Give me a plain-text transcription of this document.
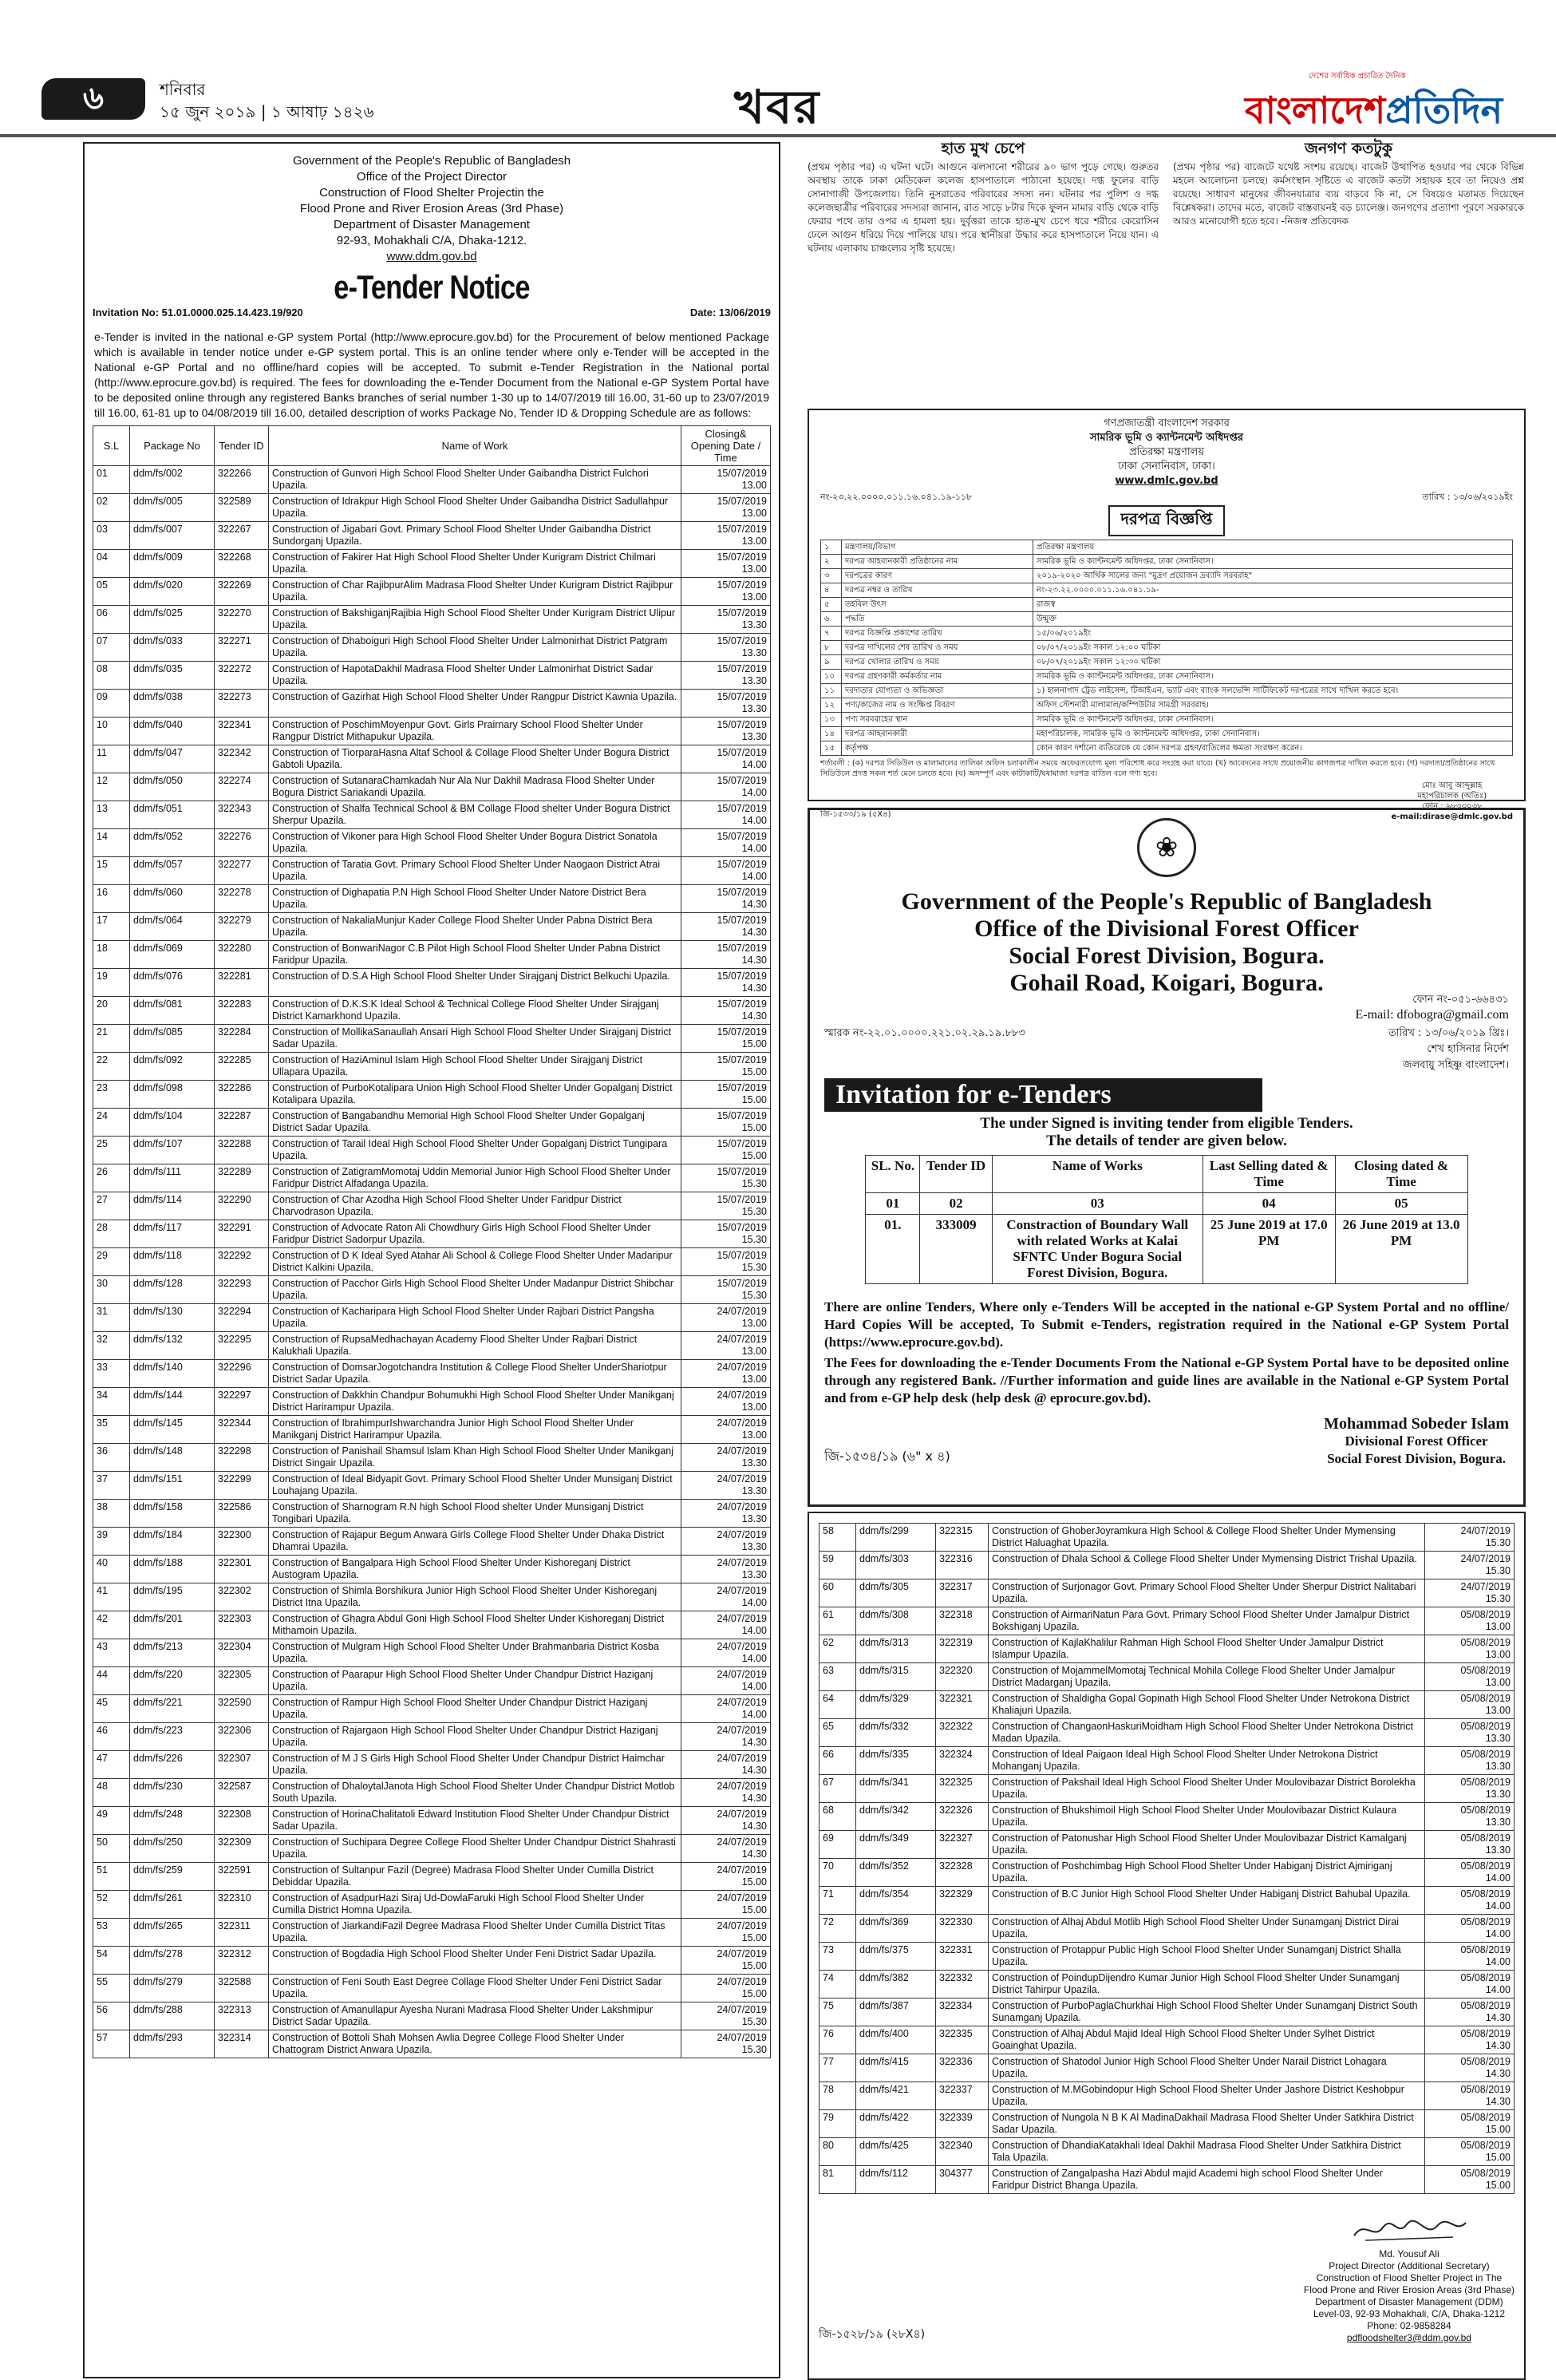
৬	শনিবার
১৫ জুন ২০১৯ | ১ আষাঢ় ১৪২৬	খবর
দেশের সর্বাধিক প্রচারিত দৈনিক
বাংলাদেশপ্রতিদিন
Government of the People's Republic of Bangladesh
Office of the Project Director
Construction of Flood Shelter Projectin the
Flood Prone and River Erosion Areas (3rd Phase)
Department of Disaster Management
92-93, Mohakhali C/A, Dhaka-1212.
www.ddm.gov.bd
e-Tender Notice
Invitation No: 51.01.0000.025.14.423.19/920	Date: 13/06/2019
e-Tender is invited in the national e-GP system Portal (http://www.eprocure.gov.bd) for the Procurement of below mentioned Package which is available in tender notice under e-GP system portal. This is an online tender where only e-Tender will be accepted in the National e-GP Portal and no offline/hard copies will be accepted. To submit e-Tender Registration in the National portal (http://www.eprocure.gov.bd) is required. The fees for downloading the e-Tender Document from the National e-GP System Portal have to be deposited online through any registered Banks branches of serial number 1-30 up to 14/07/2019 till 16.00, 31-60 up to 23/07/2019 till 16.00, 61-81 up to 04/08/2019 till 16.00, detailed description of works Package No, Tender ID & Dropping Schedule are as follows:
S.L	Package No	Tender ID	Name of Work	Closing& Opening Date / Time
01	ddm/fs/002	322266	Construction of Gunvori High School Flood Shelter Under Gaibandha District Fulchori Upazila.	15/07/2019
13.00

02	ddm/fs/005	322589	Construction of Idrakpur High School Flood Shelter Under Gaibandha District Sadullahpur Upazila.	15/07/2019
13.00

03	ddm/fs/007	322267	Construction of Jigabari Govt. Primary School Flood Shelter Under Gaibandha District Sundorganj Upazila.	15/07/2019
13.00

04	ddm/fs/009	322268	Construction of Fakirer Hat High School Flood Shelter Under Kurigram District Chilmari Upazila.	15/07/2019
13.00

05	ddm/fs/020	322269	Construction of Char RajibpurAlim Madrasa Flood Shelter Under Kurigram District Rajibpur Upazila.	15/07/2019
13.00

06	ddm/fs/025	322270	Construction of BakshiganjRajibia High School Flood Shelter Under Kurigram District Ulipur Upazila.	15/07/2019
13.30

07	ddm/fs/033	322271	Construction of Dhaboiguri High School Flood Shelter Under Lalmonirhat District Patgram Upazila.	15/07/2019
13.30

08	ddm/fs/035	322272	Construction of HapotaDakhil Madrasa Flood Shelter Under Lalmonirhat District Sadar Upazila.	15/07/2019
13.30

09	ddm/fs/038	322273	Construction of Gazirhat High School Flood Shelter Under Rangpur District Kawnia Upazila.	15/07/2019
13.30

10	ddm/fs/040	322341	Construction of PoschimMoyenpur Govt. Girls Prairnary School Flood Shelter Under Rangpur District Mithapukur Upazila.	15/07/2019
13.30

11	ddm/fs/047	322342	Construction of TiorparaHasna Altaf School & Collage Flood Shelter Under Bogura District Gabtoli Upazila.	15/07/2019
14.00

12	ddm/fs/050	322274	Construction of SutanaraChamkadah Nur Ala Nur Dakhil Madrasa Flood Shelter Under Bogura District Sariakandi Upazila.	15/07/2019
14.00

13	ddm/fs/051	322343	Construction of Shalfa Technical School & BM Collage Flood shelter Under Bogura District Sherpur Upazila.	15/07/2019
14.00

14	ddm/fs/052	322276	Construction of Vikoner para High School Flood Shelter Under Bogura District Sonatola Upazila.	15/07/2019
14.00

15	ddm/fs/057	322277	Construction of Taratia Govt. Primary School Flood Shelter Under Naogaon District Atrai Upazila.	15/07/2019
14.00

16	ddm/fs/060	322278	Construction of Dighapatia P.N High School Flood Shelter Under Natore District Bera Upazila.	15/07/2019
14.30

17	ddm/fs/064	322279	Construction of NakaliaMunjur Kader College Flood Shelter Under Pabna District Bera Upazila.	15/07/2019
14.30

18	ddm/fs/069	322280	Construction of BonwariNagor C.B Pilot High School Flood Shelter Under Pabna District Faridpur Upazila.	15/07/2019
14.30

19	ddm/fs/076	322281	Construction of D.S.A High School Flood Shelter Under Sirajganj District Belkuchi Upazila.	15/07/2019
14.30

20	ddm/fs/081	322283	Construction of D.K.S.K Ideal School & Technical College Flood Shelter Under Sirajganj District Kamarkhond Upazila.	15/07/2019
14.30

21	ddm/fs/085	322284	Construction of MollikaSanaullah Ansari High School Flood Shelter Under Sirajganj District Sadar Upazila.	15/07/2019
15.00

22	ddm/fs/092	322285	Construction of HaziAminul Islam High School Flood Shelter Under Sirajganj District Ullapara Upazila.	15/07/2019
15.00

23	ddm/fs/098	322286	Construction of PurboKotalipara Union High School Flood Shelter Under Gopalganj District Kotalipara Upazila.	15/07/2019
15.00

24	ddm/fs/104	322287	Construction of Bangabandhu Memorial High School Flood Shelter Under Gopalganj District Sadar Upazila.	15/07/2019
15.00

25	ddm/fs/107	322288	Construction of Tarail Ideal High School Flood Shelter Under Gopalganj District Tungipara Upazila.	15/07/2019
15.00

26	ddm/fs/111	322289	Construction of ZatigramMomotaj Uddin Memorial Junior High School Flood Shelter Under Faridpur District Alfadanga Upazila.	15/07/2019
15.30

27	ddm/fs/114	322290	Construction of Char Azodha High School Flood Shelter Under Faridpur District Charvodrason Upazila.	15/07/2019
15.30

28	ddm/fs/117	322291	Construction of Advocate Raton Ali Chowdhury Girls High School Flood Shelter Under Faridpur District Sadorpur Upazila.	15/07/2019
15.30

29	ddm/fs/118	322292	Construction of D K Ideal Syed Atahar Ali School & College Flood Shelter Under Madaripur District Kalkini Upazila.	15/07/2019
15.30

30	ddm/fs/128	322293	Construction of Pacchor Girls High School Flood Shelter Under Madanpur District Shibchar Upazila.	15/07/2019
15.30

31	ddm/fs/130	322294	Construction of Kacharipara High School Flood Shelter Under Rajbari District Pangsha Upazila.	24/07/2019
13.00

32	ddm/fs/132	322295	Construction of RupsaMedhachayan Academy Flood Shelter Under Rajbari District Kalukhali Upazila.	24/07/2019
13.00

33	ddm/fs/140	322296	Construction of DomsarJogotchandra Institution & College Flood Shelter UnderShariotpur District Sadar Upazila.	24/07/2019
13.00

34	ddm/fs/144	322297	Construction of Dakkhin Chandpur Bohumukhi High School Flood Shelter Under Manikganj District Harirampur Upazila.	24/07/2019
13.00

35	ddm/fs/145	322344	Construction of IbrahimpurIshwarchandra Junior High School Flood Shelter Under Manikganj District Harirampur Upazila.	24/07/2019
13.00

36	ddm/fs/148	322298	Construction of Panishail Shamsul Islam Khan High School Flood Shelter Under Manikganj District Singair Upazila.	24/07/2019
13.30

37	ddm/fs/151	322299	Construction of Ideal Bidyapit Govt. Primary School Flood Shelter Under Munsiganj District Louhajang Upazila.	24/07/2019
13.30

38	ddm/fs/158	322586	Construction of Sharnogram R.N high School Flood shelter Under Munsiganj District Tongibari Upazila.	24/07/2019
13.30

39	ddm/fs/184	322300	Construction of Rajapur Begum Anwara Girls College Flood Shelter Under Dhaka District Dhamrai Upazila.	24/07/2019
13.30

40	ddm/fs/188	322301	Construction of Bangalpara High School Flood Shelter Under Kishoreganj District Austogram Upazila.	24/07/2019
13.30

41	ddm/fs/195	322302	Construction of Shimla Borshikura Junior High School Flood Shelter Under Kishoreganj District Itna Upazila.	24/07/2019
14.00

42	ddm/fs/201	322303	Construction of Ghagra Abdul Goni High School Flood Shelter Under Kishoreganj District Mithamoin Upazila.	24/07/2019
14.00

43	ddm/fs/213	322304	Construction of Mulgram High School Flood Shelter Under Brahmanbaria District Kosba Upazila.	24/07/2019
14.00

44	ddm/fs/220	322305	Construction of Paarapur High School Flood Shelter Under Chandpur District Haziganj Upazila.	24/07/2019
14.00

45	ddm/fs/221	322590	Construction of Rampur High School Flood Shelter Under Chandpur District Haziganj Upazila.	24/07/2019
14.00

46	ddm/fs/223	322306	Construction of Rajargaon High School Flood Shelter Under Chandpur District Haziganj Upazila.	24/07/2019
14.30

47	ddm/fs/226	322307	Construction of M J S Girls High School Flood Shelter Under Chandpur District Haimchar Upazila.	24/07/2019
14.30

48	ddm/fs/230	322587	Construction of DhaloytalJanota High School Flood Shelter Under Chandpur District Motlob South Upazila.	24/07/2019
14.30

49	ddm/fs/248	322308	Construction of HorinaChalitatoli Edward Institution Flood Shelter Under Chandpur District Sadar Upazila.	24/07/2019
14.30

50	ddm/fs/250	322309	Construction of Suchipara Degree College Flood Shelter Under Chandpur District Shahrasti Upazila.	24/07/2019
14.30

51	ddm/fs/259	322591	Construction of Sultanpur Fazil (Degree) Madrasa Flood Shelter Under Cumilla District Debiddar Upazila.	24/07/2019
15.00

52	ddm/fs/261	322310	Construction of AsadpurHazi Siraj Ud-DowlaFaruki High School Flood Shelter Under Cumilla District Homna Upazila.	24/07/2019
15.00

53	ddm/fs/265	322311	Construction of JiarkandiFazil Degree Madrasa Flood Shelter Under Cumilla District Titas Upazila.	24/07/2019
15.00

54	ddm/fs/278	322312	Construction of Bogdadia High School Flood Shelter Under Feni District Sadar Upazila.	24/07/2019
15.00

55	ddm/fs/279	322588	Construction of Feni South East Degree Collage Flood Shelter Under Feni District Sadar Upazila.	24/07/2019
15.00

56	ddm/fs/288	322313	Construction of Amanullapur Ayesha Nurani Madrasa Flood Shelter Under Lakshmipur District Sadar Upazila.	24/07/2019
15.30

57	ddm/fs/293	322314	Construction of Bottoli Shah Mohsen Awlia Degree College Flood Shelter Under Chattogram District Anwara Upazila.	24/07/2019
15.30
হাত মুখ চেপে
(প্রথম পৃষ্ঠার পর) এ ঘটনা ঘটে। আগুনে ঝলসানো শরীরের ৯০ ভাগ পুড়ে গেছে। গুরুতর অবস্থায় তাকে ঢাকা মেডিকেল কলেজ হাসপাতালে পাঠানো হয়েছে। দগ্ধ ফুলের বাড়ি সোনাগাজী উপজেলায়। তিনি নুসরাতের পরিবারের সদস্য নন। ঘটনার পর পুলিশ ও দগ্ধ কলেজছাত্রীর পরিবারের সদস্যরা জানান, রাত সাড়ে ৮টার দিকে ফুলন মামার বাড়ি থেকে বাড়ি ফেরার পথে তার ওপর এ হামলা হয়। দুর্বৃত্তরা তাকে হাত-মুখ চেপে ধরে শরীরে কেরোসিন ঢেলে আগুন ধরিয়ে দিয়ে পালিয়ে যায়। পরে স্থানীয়রা উদ্ধার করে হাসপাতালে নিয়ে যান। এ ঘটনায় এলাকায় চাঞ্চল্যের সৃষ্টি হয়েছে।
জনগণ কতটুকু
(প্রথম পৃষ্ঠার পর) বাজেটে যথেষ্ট সংশয় রয়েছে। বাজেট উত্থাপিত হওয়ার পর থেকে বিভিন্ন মহলে আলোচনা চলছে। কর্মসংস্থান সৃষ্টিতে এ বাজেট কতটা সহায়ক হবে তা নিয়েও প্রশ্ন রয়েছে। সাধারণ মানুষের জীবনযাত্রার ব্যয় বাড়বে কি না, সে বিষয়েও মতামত দিয়েছেন বিশ্লেষকরা। তাদের মতে, বাজেট বাস্তবায়নই বড় চ্যালেঞ্জ। জনগণের প্রত্যাশা পূরণে সরকারকে আরও মনোযোগী হতে হবে। -নিজস্ব প্রতিবেদক
গণপ্রজাতন্ত্রী বাংলাদেশ সরকার
সামরিক ভূমি ও ক্যান্টনমেন্ট অধিদপ্তর
প্রতিরক্ষা মন্ত্রণালয়
ঢাকা সেনানিবাস, ঢাকা।
www.dmlc.gov.bd
নং-২৩.২২.০০০০.০১১.১৬.০৪১.১৯-১১৮	তারিখ : ১৩/০৬/২০১৯ইং
দরপত্র বিজ্ঞপ্তি
১	মন্ত্রণালয়/বিভাগ	প্রতিরক্ষা মন্ত্রণালয়
২	দরপত্র আহবানকারী প্রতিষ্ঠানের নাম	সামরিক ভূমি ও ক্যান্টনমেন্ট অধিদপ্তর, ঢাকা সেনানিবাস।
৩	দরপত্রের কারণ	২০১৯-২০২০ আর্থিক সালের জন্য "মুদ্রণ প্রয়োজন দ্রব্যাদি সরবরাহ"
৪	দরপত্র নম্বর ও তারিখ	নং-২৩.২২.০০০০.০১১.১৬.০৪১.১৯-
৫	তহবিল উৎস	রাজস্ব
৬	পদ্ধতি	উন্মুক্ত
৭	দরপত্র বিজ্ঞপ্তি প্রকাশের তারিখ	১৫/০৬/২০১৯ইং
৮	দরপত্র দাখিলের শেষ তারিখ ও সময়	০৮/০৭/২০১৯ইং সকাল ১২:০০ ঘটিকা
৯	দরপত্র খোলার তারিখ ও সময়	০৮/০৭/২০১৯ইং সকাল ১২:৩০ ঘটিকা
১০	দরপত্র গ্রহণকারী কর্মকর্তার নাম	সামরিক ভূমি ও ক্যান্টনমেন্ট অধিদপ্তর, ঢাকা সেনানিবাস।
১১	দরদাতার যোগ্যতা ও অভিজ্ঞতা	১) হালনাগাদ ট্রেড লাইসেন্স, টিআইএন, ভ্যাট এবং ব্যাংক সলভেন্সি সার্টিফিকেট দরপত্রের সাথে দাখিল করতে হবে।
১২	পণ্য/কাজের নাম ও সংক্ষিপ্ত বিবরণ	অফিস স্টেশনারী মালামাল/কম্পিউটার সামগ্রী সরবরাহ।
১৩	পণ্য সরবরাহের স্থান	সামরিক ভূমি ও ক্যান্টনমেন্ট অধিদপ্তর, ঢাকা সেনানিবাস।
১৪	দরপত্র আহবানকারী	মহাপরিচালক, সামরিক ভূমি ও ক্যান্টনমেন্ট অধিদপ্তর, ঢাকা সেনানিবাস।
১৫	কর্তৃপক্ষ	কোন কারণ দর্শানো ব্যতিরেকে যে কোন দরপত্র গ্রহণ/বাতিলের ক্ষমতা সংরক্ষণ করেন।
শর্তাবলী : (ক) দরপত্র সিডিউল ও মালামালের তালিকা অফিস চলাকালীন সময়ে অফেরতযোগ্য মূল্য পরিশোধ করে সংগ্রহ করা যাবে। (খ) আবেদনের সাথে প্রয়োজনীয় কাগজপত্র দাখিল করতে হবে। (গ) দরদাতা/প্রতিষ্ঠানের সাথে সিডিউলে প্রদত্ত সকল শর্ত মেনে চলতে হবে। (ঘ) অসম্পূর্ণ এবং কাটাকাটি/ঘষামাজা দরপত্র বাতিল বলে গণ্য হবে।
জি-১৫৩৩/১৯ (৫X৪)
মোঃ আবু আব্দুল্লাহ
মহাপরিচালক (অতিঃ)
ফোন : ৯৮৩৩০৩৮
e-mail:dirase@dmlc.gov.bd
❀
Government of the People's Republic of Bangladesh
Office of the Divisional Forest Officer
Social Forest Division, Bogura.
Gohail Road, Koigari, Bogura.
ফোন নং-০৫১-৬৬৪৩১
E-mail: dfobogra@gmail.com
স্মারক নং-২২.০১.০০০০.২২১.০২.২৯.১৯.৮৮৩	তারিখ : ১৩/০৬/২০১৯ খ্রিঃ।
শেখ হাসিনার নির্দেশ
জলবায়ু সহিষ্ণু বাংলাদেশ।
Invitation for e-Tenders
The under Signed is inviting tender from eligible Tenders.
The details of tender are given below.
SL. No.	Tender ID	Name of Works	Last Selling dated & Time	Closing dated & Time
01	02	03	04	05
01.	333009	Constraction of Boundary Wall with related Works at Kalai SFNTC Under Bogura Social Forest Division, Bogura.	25 June 2019 at 17.0 PM	26 June 2019 at 13.0 PM

There are online Tenders, Where only e-Tenders Will be accepted in the national e-GP System Portal and no offline/ Hard Copies Will be accepted, To Submit e-Tenders, registration required in the National e-GP System Portal (https://www.eprocure.gov.bd).

The Fees for downloading the e-Tender Documents From the National e-GP System Portal have to be deposited online through any registered Bank. //Further information and guide lines are available in the National e-GP System Portal and from e-GP help desk (help desk @ eprocure.gov.bd).

জি-১৫৩৪/১৯ (৬" x ৪)
Mohammad Sobeder Islam
Divisional Forest Officer
Social Forest Division, Bogura.
58	ddm/fs/299	322315	Construction of GhoberJoyramkura High School & College Flood Shelter Under Mymensing District Haluaghat Upazila.	24/07/2019
15.30

59	ddm/fs/303	322316	Construction of Dhala School & College Flood Shelter Under Mymensing District Trishal Upazila.	24/07/2019
15.30

60	ddm/fs/305	322317	Construction of Surjonagor Govt. Primary School Flood Shelter Under Sherpur District Nalitabari Upazila.	24/07/2019
15.30

61	ddm/fs/308	322318	Construction of AirmariNatun Para Govt. Primary School Flood Shelter Under Jamalpur District Bokshiganj Upazila.	05/08/2019
13.00

62	ddm/fs/313	322319	Construction of KajlaKhalilur Rahman High School Flood Shelter Under Jamalpur District Islampur Upazila.	05/08/2019
13.00

63	ddm/fs/315	322320	Construction of MojammelMomotaj Technical Mohila College Flood Shelter Under Jamalpur District Madarganj Upazila.	05/08/2019
13.00

64	ddm/fs/329	322321	Construction of Shaldigha Gopal Gopinath High School Flood Shelter Under Netrokona District Khaliajuri Upazila.	05/08/2019
13.00

65	ddm/fs/332	322322	Construction of ChangaonHaskuriMoidham High School Flood Shelter Under Netrokona District Madan Upazila.	05/08/2019
13.30

66	ddm/fs/335	322324	Construction of Ideal Paigaon Ideal High School Flood Shelter Under Netrokona District Mohanganj Upazila.	05/08/2019
13.30

67	ddm/fs/341	322325	Construction of Pakshail Ideal High School Flood Shelter Under Moulovibazar District Borolekha Upazila.	05/08/2019
13.30

68	ddm/fs/342	322326	Construction of Bhukshimoil High School Flood Shelter Under Moulovibazar District Kulaura Upazila.	05/08/2019
13.30

69	ddm/fs/349	322327	Construction of Patonushar High School Flood Shelter Under Moulovibazar District Kamalganj Upazila.	05/08/2019
13.30

70	ddm/fs/352	322328	Construction of Poshchimbag High School Flood Shelter Under Habiganj District Ajmiriganj Upazila.	05/08/2019
14.00

71	ddm/fs/354	322329	Construction of B.C Junior High School Flood Shelter Under Habiganj District Bahubal Upazila.	05/08/2019
14.00

72	ddm/fs/369	322330	Construction of Alhaj Abdul Motlib High School Flood Shelter Under Sunamganj District Dirai Upazila.	05/08/2019
14.00

73	ddm/fs/375	322331	Construction of Protappur Public High School Flood Shelter Under Sunamganj District Shalla Upazila.	05/08/2019
14.00

74	ddm/fs/382	322332	Construction of PoindupDijendro Kumar Junior High School Flood Shelter Under Sunamganj District Tahirpur Upazila.	05/08/2019
14.00

75	ddm/fs/387	322334	Construction of PurboPaglaChurkhai High School Flood Shelter Under Sunamganj District South Sunamganj Upazila.	05/08/2019
14.30

76	ddm/fs/400	322335	Construction of Alhaj Abdul Majid Ideal High School Flood Shelter Under Sylhet District Goainghat Upazila.	05/08/2019
14.30

77	ddm/fs/415	322336	Construction of Shatodol Junior High School Flood Shelter Under Narail District Lohagara Upazila.	05/08/2019
14.30

78	ddm/fs/421	322337	Construction of M.MGobindopur High School Flood Shelter Under Jashore District Keshobpur Upazila.	05/08/2019
14.30

79	ddm/fs/422	322339	Construction of Nungola N B K Al MadinaDakhail Madrasa Flood Shelter Under Satkhira District Sadar Upazila.	05/08/2019
15.00

80	ddm/fs/425	322340	Construction of DhandiaKatakhali Ideal Dakhil Madrasa Flood Shelter Under Satkhira District Tala Upazila.	05/08/2019
15.00

81	ddm/fs/112	304377	Construction of Zangalpasha Hazi Abdul majid Academi high school Flood Shelter Under Faridpur District Bhanga Upazila.	05/08/2019
15.00
জি-১৫২৮/১৯ (২৮X৪)
Md. Yousuf Ali
Project Director (Additional Secretary)
Construction of Flood Shelter Project in The
Flood Prone and River Erosion Areas (3rd Phase)
Department of Disaster Management (DDM)
Level-03, 92-93 Mohakhali, C/A, Dhaka-1212
Phone: 02-9858284
pdfloodshelter3@ddm.gov.bd
